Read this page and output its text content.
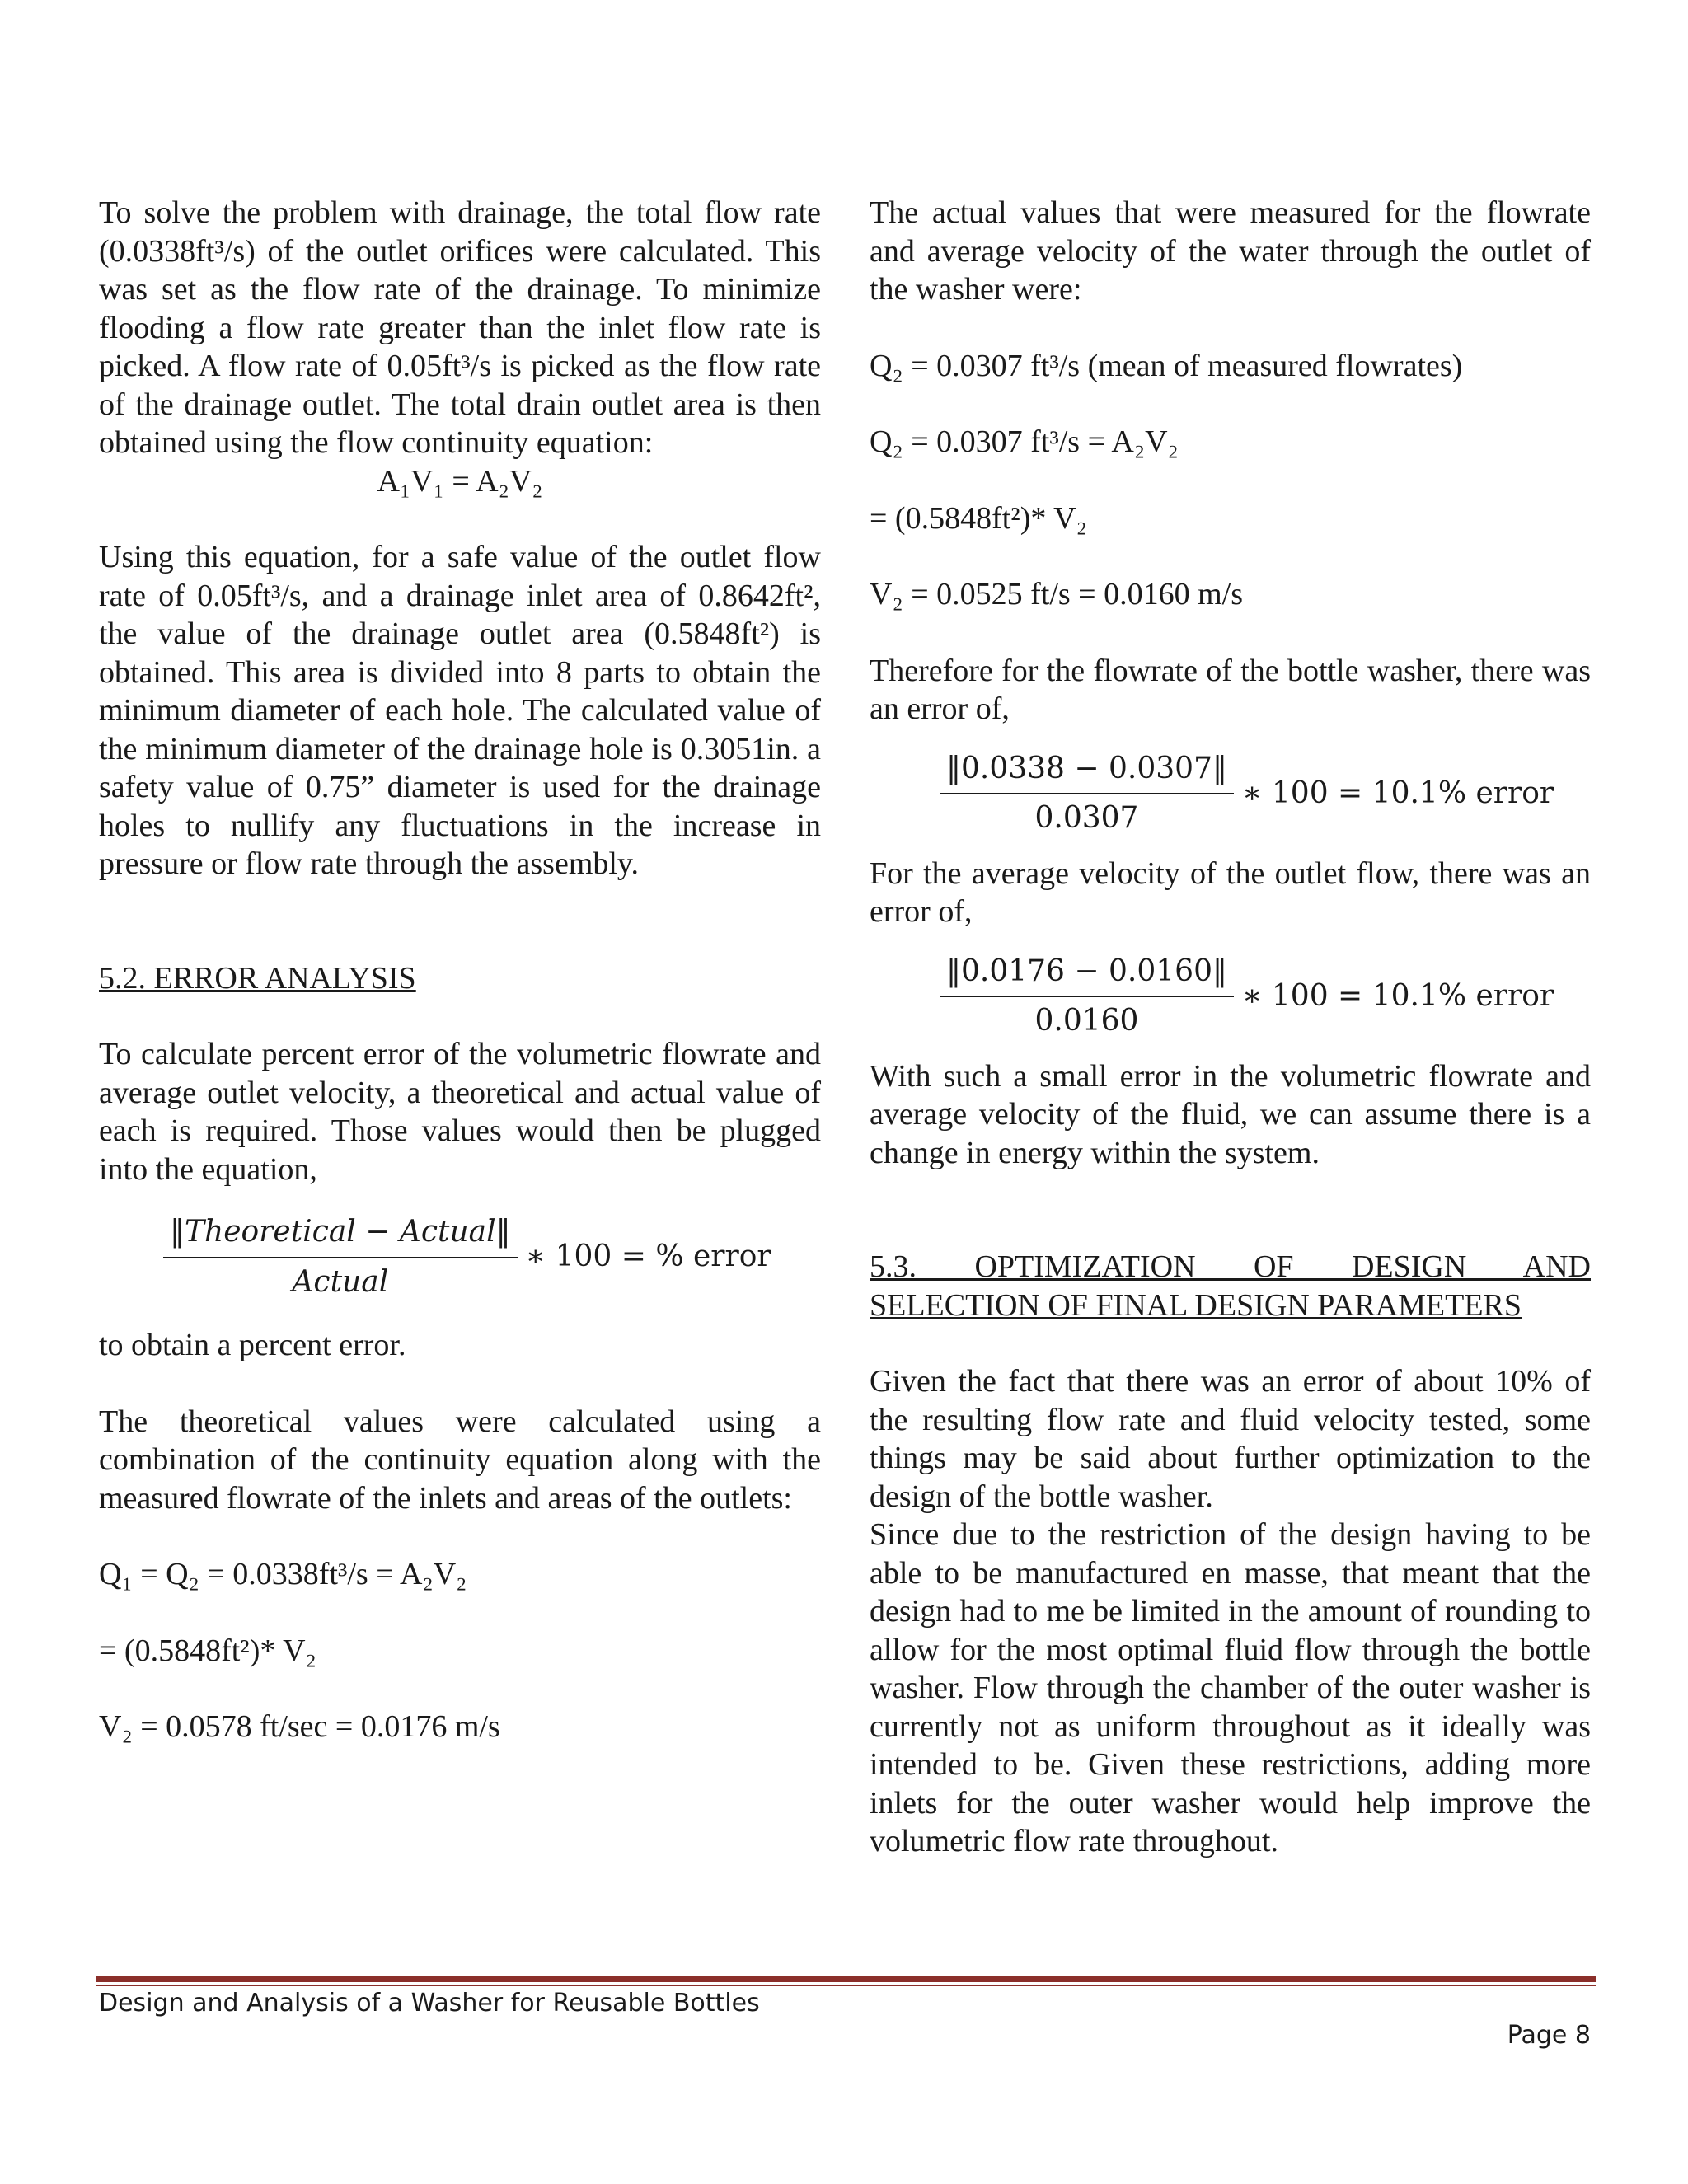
To solve the problem with drainage, the total flow rate (0.0338ft³/s) of the outlet orifices were calculated. This was set as the flow rate of the drainage. To minimize flooding a flow rate greater than the inlet flow rate is picked. A flow rate of 0.05ft³/s is picked as the flow rate of the drainage outlet. The total drain outlet area is then obtained using the flow continuity equation:

A₁V₁ = A₂V₂

Using this equation, for a safe value of the outlet flow rate of 0.05ft³/s, and a drainage inlet area of 0.8642ft², the value of the drainage outlet area (0.5848ft²) is obtained. This area is divided into 8 parts to obtain the minimum diameter of each hole. The calculated value of the minimum diameter of the drainage hole is 0.3051in. a safety value of 0.75” diameter is used for the drainage holes to nullify any fluctuations in the increase in pressure or flow rate through the assembly.

5.2. ERROR ANALYSIS

To calculate percent error of the volumetric flowrate and average outlet velocity, a theoretical and actual value of each is required. Those values would then be plugged into the equation,

$\frac{\text{‖Theoretical − Actual‖}}{\text{Actual}}$ ∗ 100 = % error

to obtain a percent error.

The theoretical values were calculated using a combination of the continuity equation along with the measured flowrate of the inlets and areas of the outlets:

Q₁ = Q₂ = 0.0338ft³/s = A₂V₂

= (0.5848ft²)* V₂

V₂ = 0.0578 ft/sec = 0.0176 m/s

The actual values that were measured for the flowrate and average velocity of the water through the outlet of the washer were:

Q₂ = 0.0307 ft³/s (mean of measured flowrates)

Q₂ = 0.0307 ft³/s = A₂V₂

= (0.5848ft²)* V₂

V₂ = 0.0525 ft/s = 0.0160 m/s

Therefore for the flowrate of the bottle washer, there was an error of,

$\frac{‖0.0338 - 0.0307‖}{0.0307}$ ∗ 100 = 10.1% error

For the average velocity of the outlet flow, there was an error of,

$\frac{‖0.0176 - 0.0160‖}{0.0160}$ ∗ 100 = 10.1% error

With such a small error in the volumetric flowrate and average velocity of the fluid, we can assume there is a change in energy within the system.

5.3. OPTIMIZATION OF DESIGN AND
SELECTION OF FINAL DESIGN PARAMETERS

Given the fact that there was an error of about 10% of the resulting flow rate and fluid velocity tested, some things may be said about further optimization to the design of the bottle washer.

Since due to the restriction of the design having to be able to be manufactured en masse, that meant that the design had to me be limited in the amount of rounding to allow for the most optimal fluid flow through the bottle washer. Flow through the chamber of the outer washer is currently not as uniform throughout as it ideally was intended to be. Given these restrictions, adding more inlets for the outer washer would help improve the volumetric flow rate throughout.

Design and Analysis of a Washer for Reusable Bottles
Page 8
